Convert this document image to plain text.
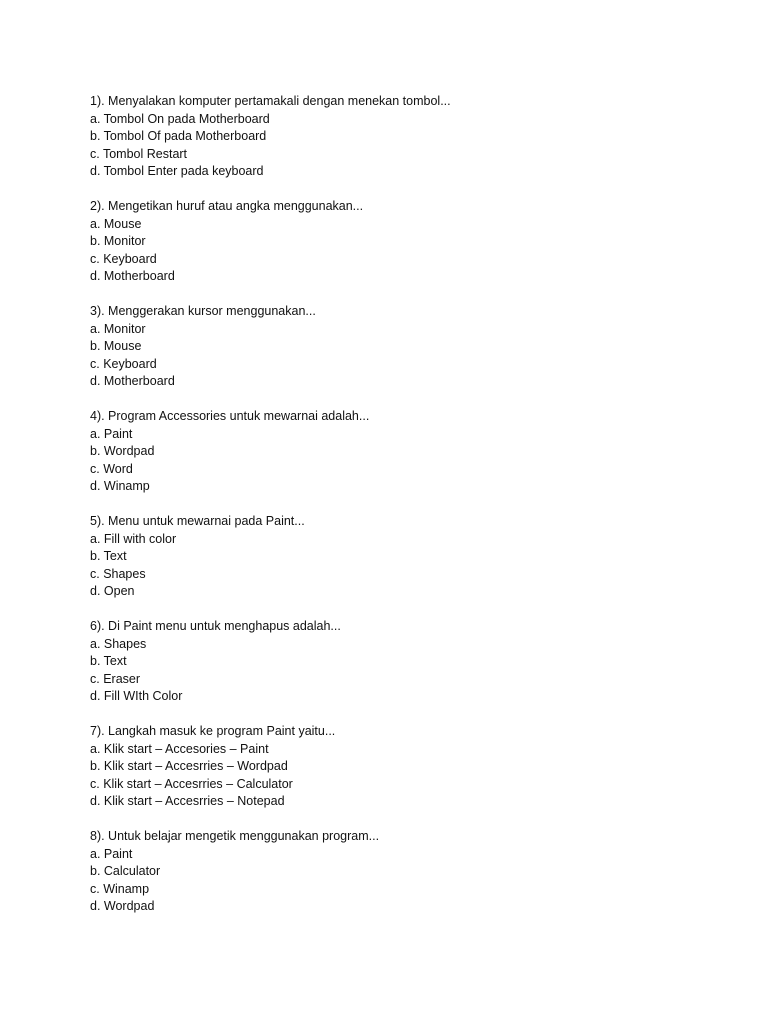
1). Menyalakan komputer pertamakali dengan menekan tombol...
a. Tombol On pada Motherboard
b. Tombol Of pada Motherboard
c. Tombol Restart
d. Tombol Enter pada keyboard
2). Mengetikan huruf atau angka menggunakan...
a. Mouse
b. Monitor
c. Keyboard
d. Motherboard
3). Menggerakan kursor menggunakan...
a. Monitor
b. Mouse
c. Keyboard
d. Motherboard
4). Program Accessories untuk mewarnai adalah...
a. Paint
b. Wordpad
c. Word
d. Winamp
5). Menu untuk mewarnai pada Paint...
a. Fill with color
b. Text
c. Shapes
d. Open
6). Di Paint menu untuk menghapus adalah...
a. Shapes
b. Text
c. Eraser
d. Fill WIth Color
7). Langkah masuk ke program Paint yaitu...
a. Klik start – Accesories – Paint
b. Klik start – Accesrries – Wordpad
c. Klik start – Accesrries – Calculator
d. Klik start – Accesrries – Notepad
8). Untuk belajar mengetik menggunakan program...
a. Paint
b. Calculator
c. Winamp
d. Wordpad
